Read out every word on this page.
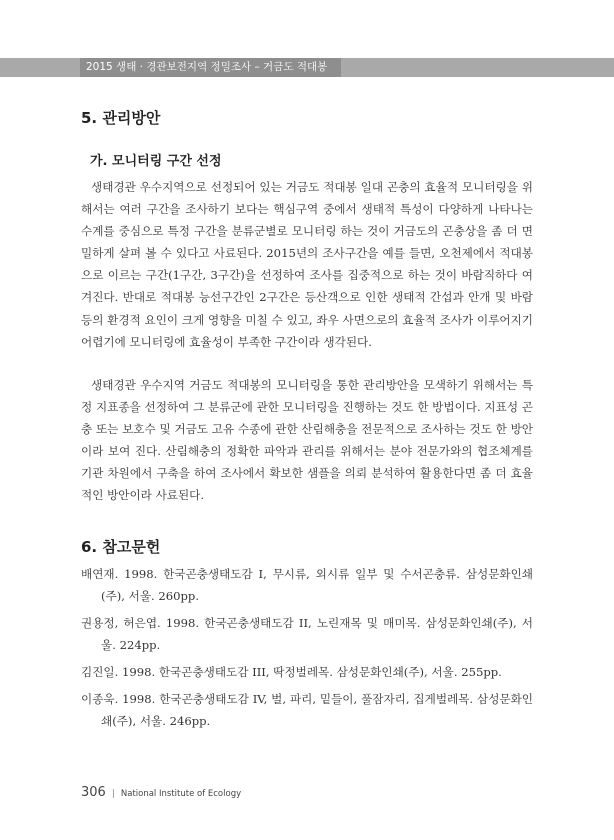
2015 생태 · 경관보전지역 정밀조사 – 거금도 적대봉
5. 관리방안
가. 모니터링 구간 선정

생태경관 우수지역으로 선정되어 있는 거금도 적대봉 일대 곤충의 효율적 모니터링을 위해서는 여러 구간을 조사하기 보다는 핵심구역 중에서 생태적 특성이 다양하게 나타나는 수계를 중심으로 특정 구간을 분류군별로 모니터링 하는 것이 거금도의 곤충상을 좀 더 면밀하게 살펴 볼 수 있다고 사료된다. 2015년의 조사구간을 예를 들면, 오천제에서 적대봉으로 이르는 구간(1구간, 3구간)을 선정하여 조사를 집중적으로 하는 것이 바람직하다 여겨진다. 반대로 적대봉 능선구간인 2구간은 등산객으로 인한 생태적 간섭과 안개 및 바람 등의 환경적 요인이 크게 영향을 미칠 수 있고, 좌우 사면으로의 효율적 조사가 이루어지기 어렵기에 모니터링에 효율성이 부족한 구간이라 생각된다.

생태경관 우수지역 거금도 적대봉의 모니터링을 통한 관리방안을 모색하기 위해서는 특정 지표종을 선정하여 그 분류군에 관한 모니터링을 진행하는 것도 한 방법이다. 지표성 곤충 또는 보호수 및 거금도 고유 수종에 관한 산림해충을 전문적으로 조사하는 것도 한 방안이라 보여 진다. 산림해충의 정확한 파악과 관리를 위해서는 분야 전문가와의 협조체계를 기관 차원에서 구축을 하여 조사에서 확보한 샘플을 의뢰 분석하여 활용한다면 좀 더 효율적인 방안이라 사료된다.

6. 참고문헌
배연재. 1998. 한국곤충생태도감 I, 무시류, 외시류 일부 및 수서곤충류. 삼성문화인쇄(주), 서울. 260pp.
권용정, 허은엽. 1998. 한국곤충생태도감 II, 노린재목 및 매미목. 삼성문화인쇄(주), 서울. 224pp.
김진일. 1998. 한국곤충생태도감 III, 딱정벌레목. 삼성문화인쇄(주), 서울. 255pp.
이종욱. 1998. 한국곤충생태도감 IV, 벌, 파리, 밑들이, 풀잠자리, 집게벌레목. 삼성문화인쇄(주), 서울. 246pp.
306 | National Institute of Ecology
